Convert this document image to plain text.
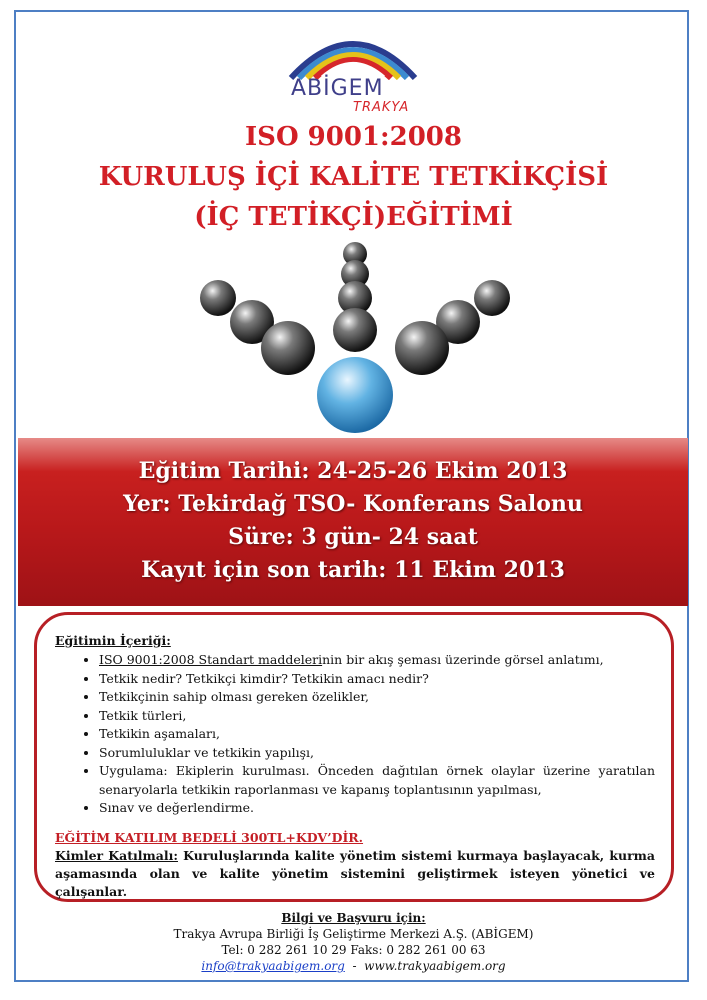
ABİGEM
TRAKYA
ISO 9001:2008
KURULUŞ İÇİ KALİTE TETKİKÇİSİ
(İÇ TETİKÇİ)EĞİTİMİ
Eğitim Tarihi: 24-25-26 Ekim 2013
Yer: Tekirdağ TSO- Konferans Salonu
Süre: 3 gün- 24 saat
Kayıt için son tarih: 11 Ekim 2013
Eğitimin İçeriği:
• ISO 9001:2008 Standart maddelerinin bir akış şeması üzerinde görsel anlatımı,
• Tetkik nedir? Tetkikçi kimdir? Tetkikin amacı nedir?
• Tetkikçinin sahip olması gereken özelikler,
• Tetkik türleri,
• Tetkikin aşamaları,
• Sorumluluklar ve tetkikin yapılışı,
• Uygulama: Ekiplerin kurulması. Önceden dağıtılan örnek olaylar üzerine yaratılan senaryolarla tetkikin raporlanması ve kapanış toplantısının yapılması,
• Sınav ve değerlendirme.
EĞİTİM KATILIM BEDELİ 300TL+KDV’DİR.
Kimler Katılmalı: Kuruluşlarında kalite yönetim sistemi kurmaya başlayacak, kurma aşamasında olan ve kalite yönetim sistemini geliştirmek isteyen yönetici ve çalışanlar.
Bilgi ve Başvuru için:
Trakya Avrupa Birliği İş Geliştirme Merkezi A.Ş. (ABİGEM)
Tel: 0 282 261 10 29 Faks: 0 282 261 00 63
info@trakyaabigem.org  -  www.trakyaabigem.org
